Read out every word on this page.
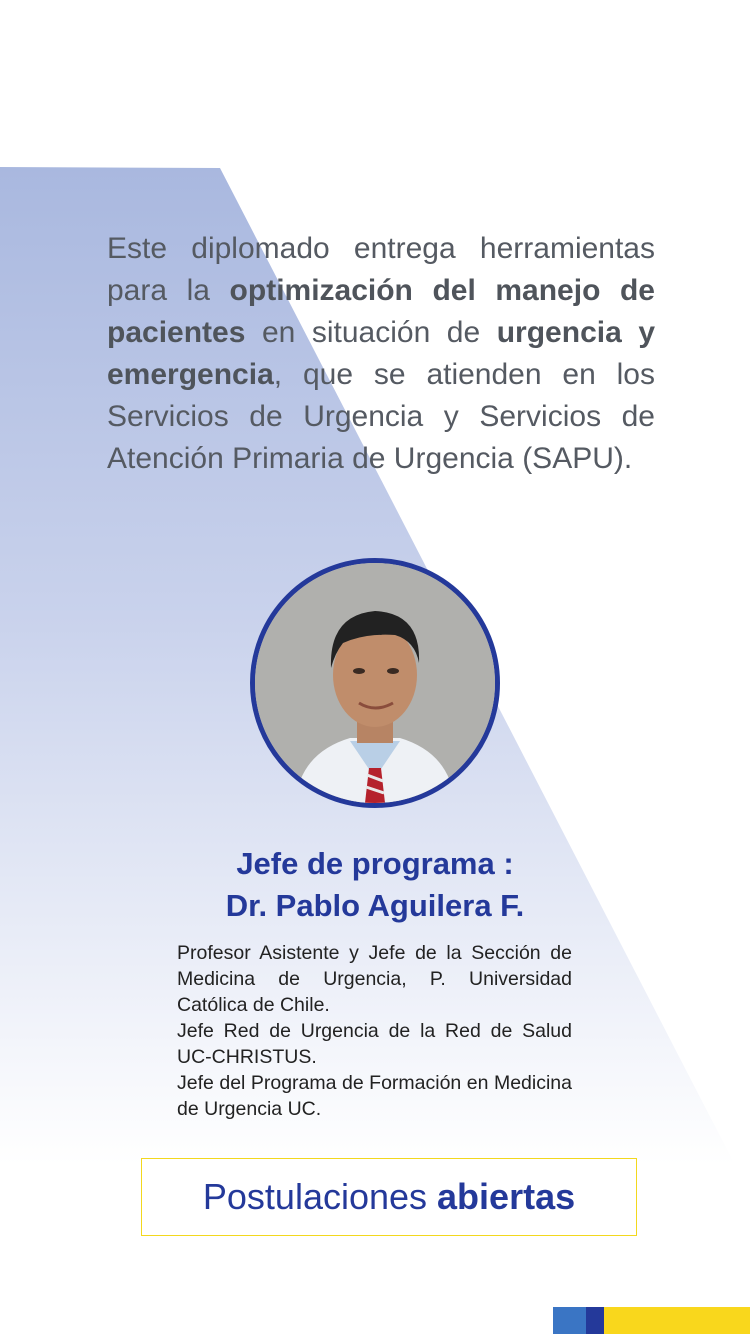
Este diplomado entrega herramientas para la optimización del manejo de pacientes en situación de urgencia y emergencia, que se atienden en los Servicios de Urgencia y Servicios de Atención Primaria de Urgencia (SAPU).

Jefe de programa :
Dr. Pablo Aguilera F.

Profesor Asistente y Jefe de la Sección de Medicina de Urgencia, P. Universidad Católica de Chile.

Jefe Red de Urgencia de la Red de Salud UC-CHRISTUS.

Jefe del Programa de Formación en Medicina de Urgencia UC.

Postulaciones abiertas
